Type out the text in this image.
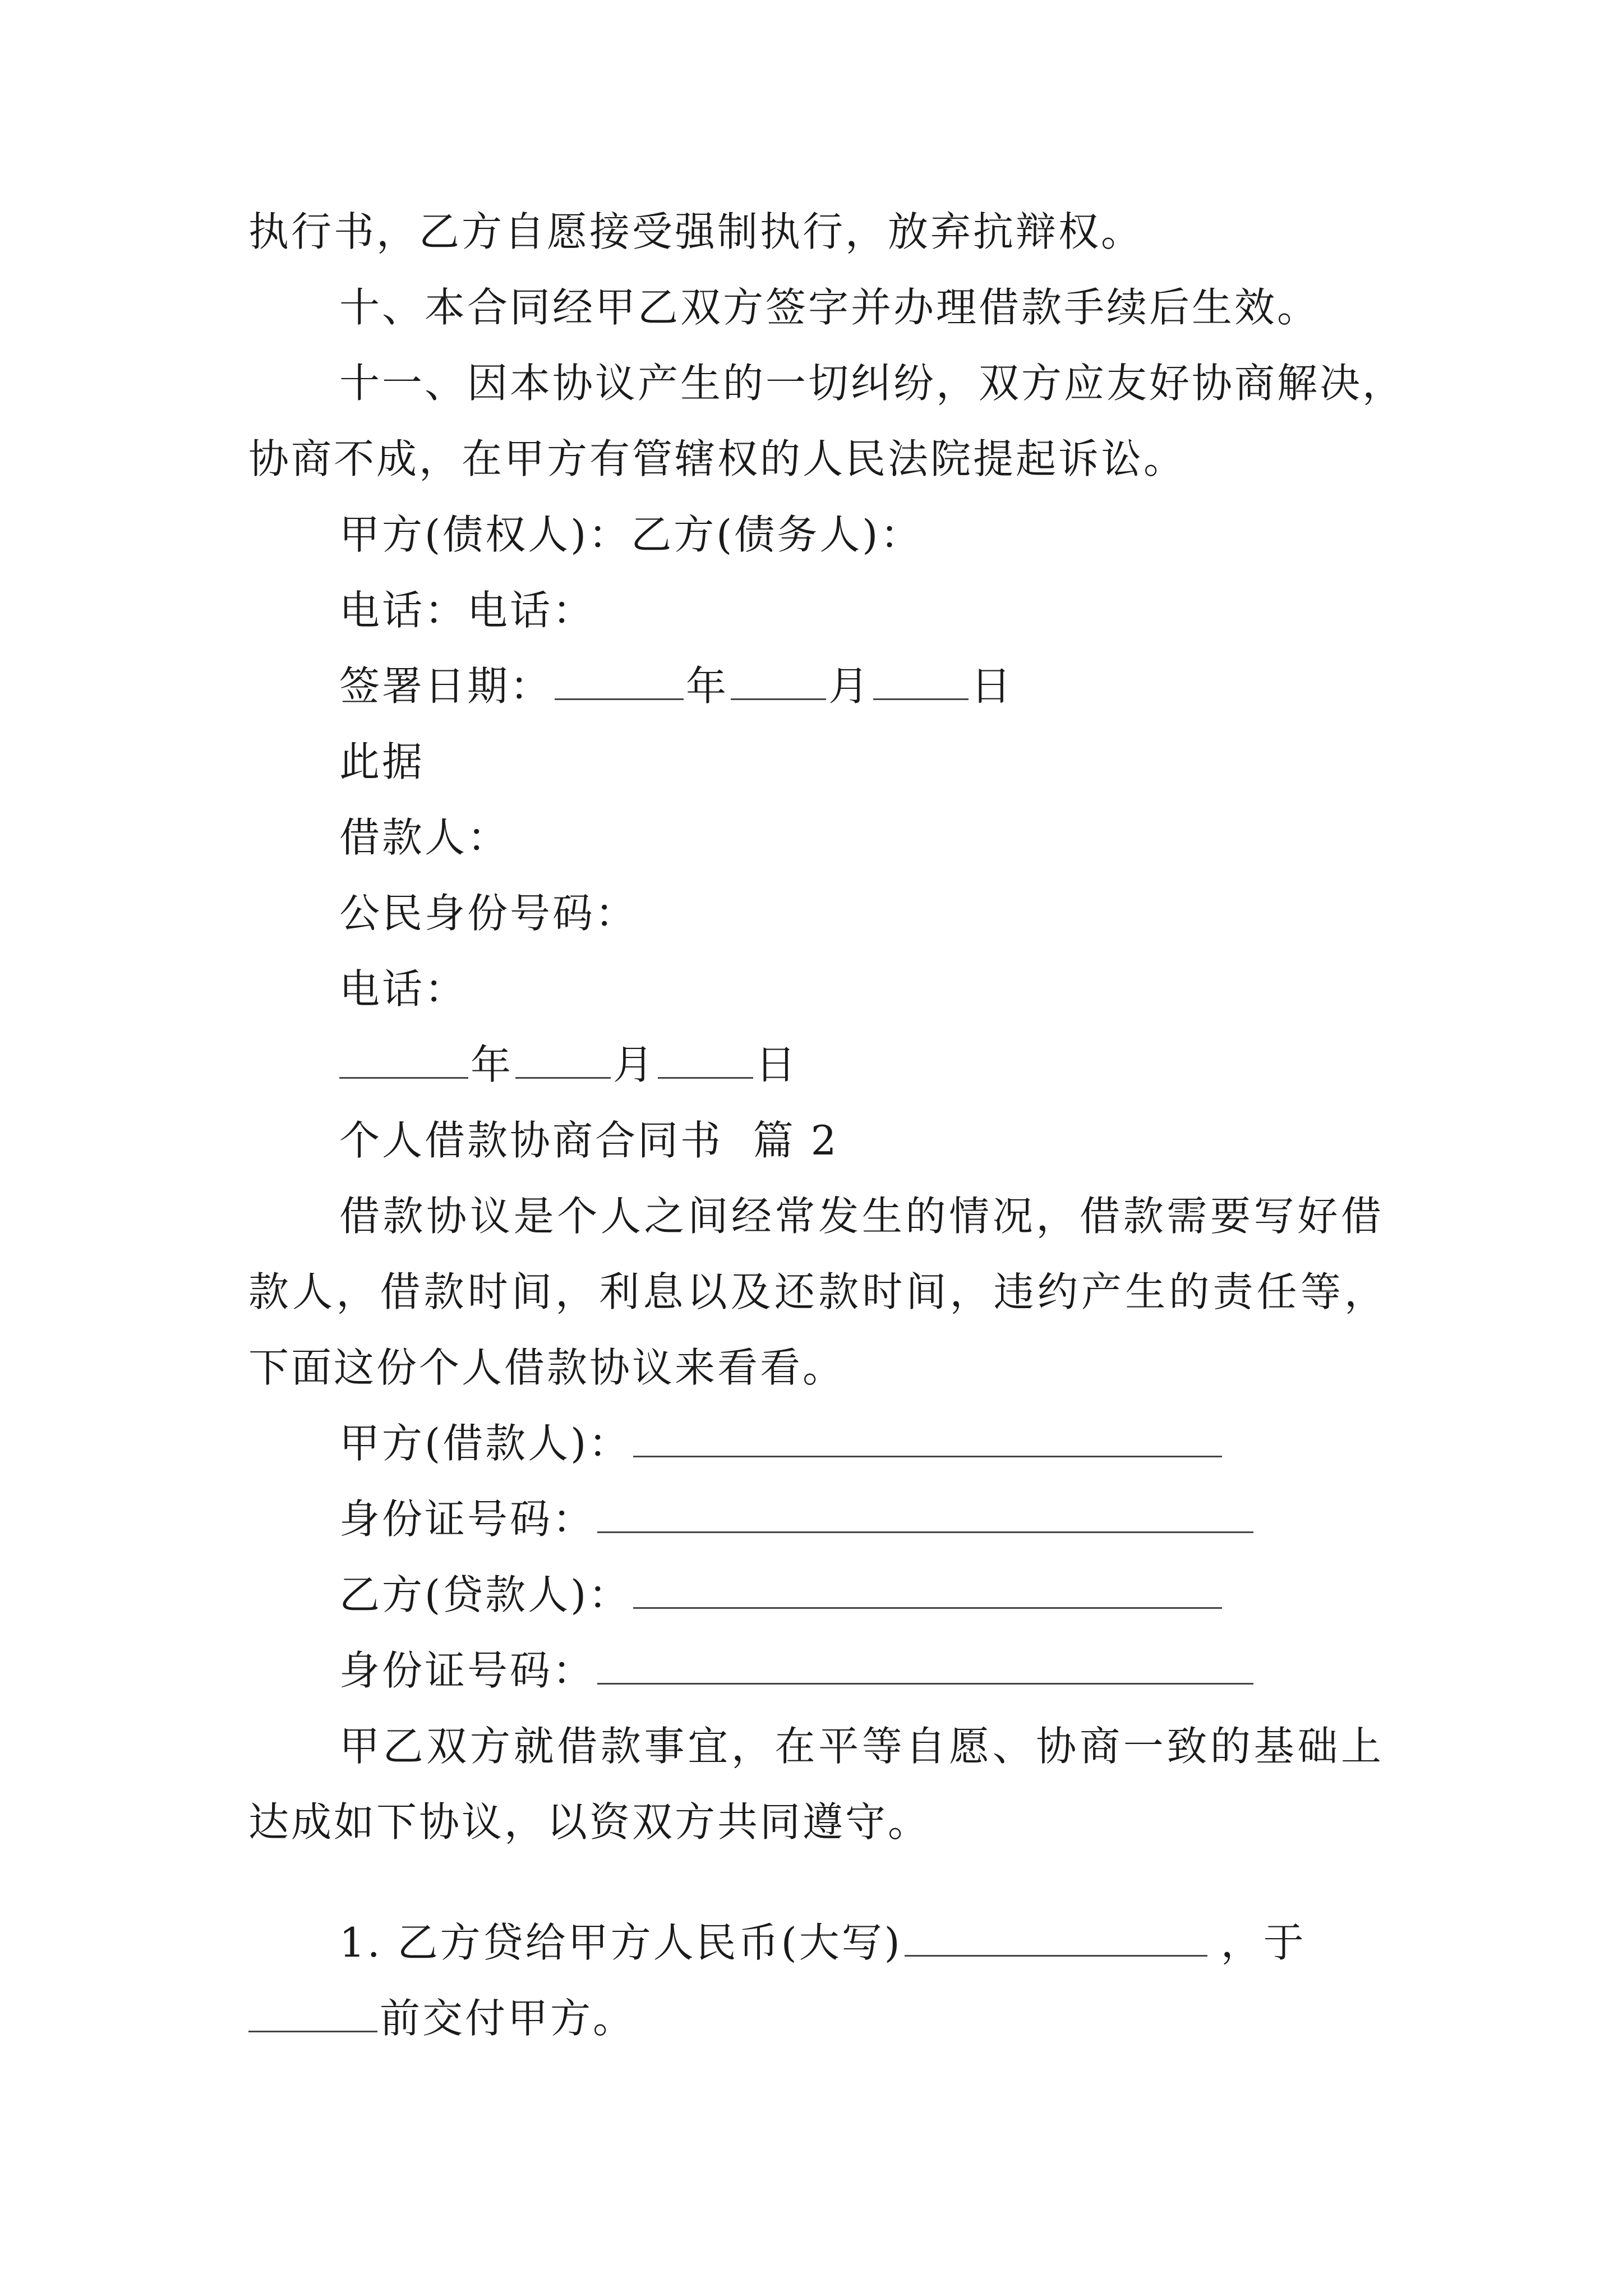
执行书，乙方自愿接受强制执行，放弃抗辩权。

十、本合同经甲乙双方签字并办理借款手续后生效。

十一、因本协议产生的一切纠纷，双方应友好协商解决，

协商不成，在甲方有管辖权的人民法院提起诉讼。

甲方(债权人)：乙方(债务人)：

电话：电话：

签署日期：	年 月 日

此据

借款人：

公民身份号码：

电话：

年 月 日

个人借款协商合同书  篇 2

借款协议是个人之间经常发生的情况，借款需要写好借

款人，借款时间，利息以及还款时间，违约产生的责任等，

下面这份个人借款协议来看看。

甲方(借款人)：

身份证号码：

乙方(贷款人)：

身份证号码：

甲乙双方就借款事宜，在平等自愿、协商一致的基础上

达成如下协议，以资双方共同遵守。

1. 乙方贷给甲方人民币(大写)	，于

前交付甲方。
